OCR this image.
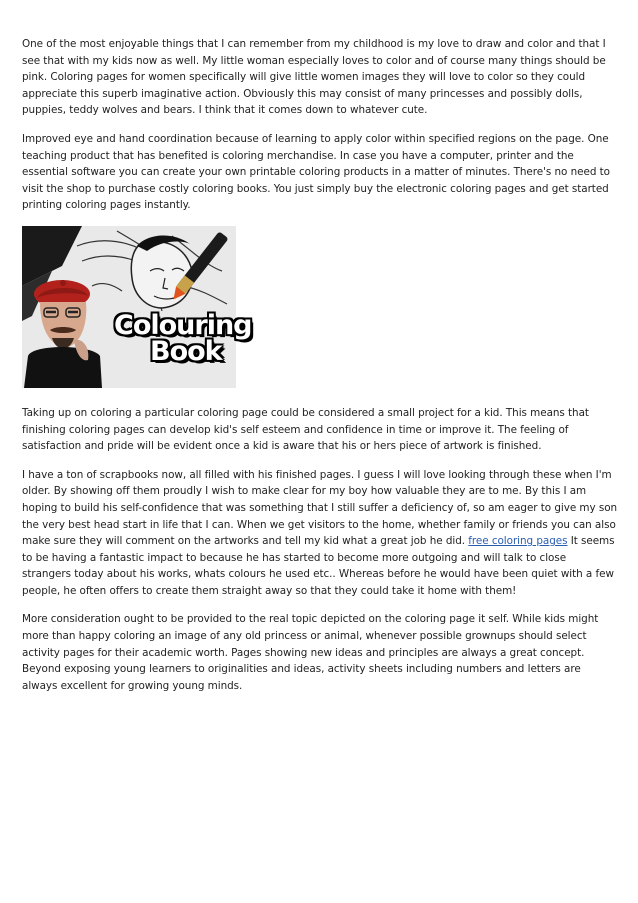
One of the most enjoyable things that I can remember from my childhood is my love to draw and color and that I see that with my kids now as well. My little woman especially loves to color and of course many things should be pink. Coloring pages for women specifically will give little women images they will love to color so they could appreciate this superb imaginative action. Obviously this may consist of many princesses and possibly dolls, puppies, teddy wolves and bears. I think that it comes down to whatever cute.

Improved eye and hand coordination because of learning to apply color within specified regions on the page. One teaching product that has benefited is coloring merchandise. In case you have a computer, printer and the essential software you can create your own printable coloring products in a matter of minutes. There's no need to visit the shop to purchase costly coloring books. You just simply buy the electronic coloring pages and get started printing coloring pages instantly.

Colouring
Book

Taking up on coloring a particular coloring page could be considered a small project for a kid. This means that finishing coloring pages can develop kid's self esteem and confidence in time or improve it. The feeling of satisfaction and pride will be evident once a kid is aware that his or hers piece of artwork is finished.

I have a ton of scrapbooks now, all filled with his finished pages. I guess I will love looking through these when I'm older. By showing off them proudly I wish to make clear for my boy how valuable they are to me. By this I am hoping to build his self-confidence that was something that I still suffer a deficiency of, so am eager to give my son the very best head start in life that I can. When we get visitors to the home, whether family or friends you can also make sure they will comment on the artworks and tell my kid what a great job he did. free coloring pages It seems to be having a fantastic impact to because he has started to become more outgoing and will talk to close strangers today about his works, whats colours he used etc.. Whereas before he would have been quiet with a few people, he often offers to create them straight away so that they could take it home with them!

More consideration ought to be provided to the real topic depicted on the coloring page it self. While kids might more than happy coloring an image of any old princess or animal, whenever possible grownups should select activity pages for their academic worth. Pages showing new ideas and principles are always a great concept. Beyond exposing young learners to originalities and ideas, activity sheets including numbers and letters are always excellent for growing young minds.
